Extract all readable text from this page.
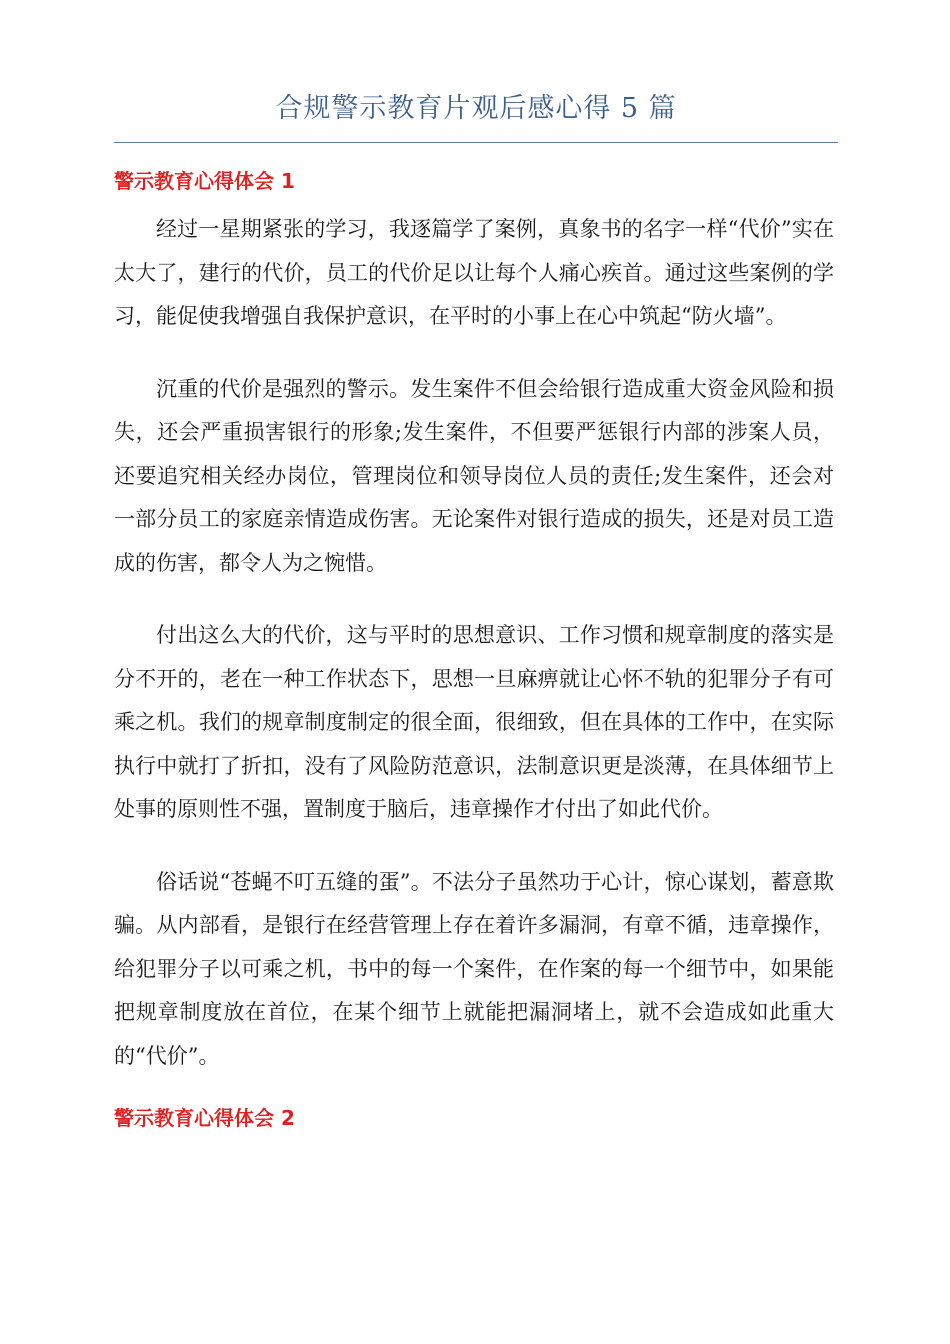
合规警示教育片观后感心得 5 篇
警示教育心得体会 1

经过一星期紧张的学习，我逐篇学了案例，真象书的名字一样“代价”实在太大了，建行的代价，员工的代价足以让每个人痛心疾首。通过这些案例的学习，能促使我增强自我保护意识，在平时的小事上在心中筑起“防火墙”。

沉重的代价是强烈的警示。发生案件不但会给银行造成重大资金风险和损失，还会严重损害银行的形象;发生案件，不但要严惩银行内部的涉案人员，还要追究相关经办岗位，管理岗位和领导岗位人员的责任;发生案件，还会对一部分员工的家庭亲情造成伤害。无论案件对银行造成的损失，还是对员工造成的伤害，都令人为之惋惜。

付出这么大的代价，这与平时的思想意识、工作习惯和规章制度的落实是分不开的，老在一种工作状态下，思想一旦麻痹就让心怀不轨的犯罪分子有可乘之机。我们的规章制度制定的很全面，很细致，但在具体的工作中，在实际执行中就打了折扣，没有了风险防范意识，法制意识更是淡薄，在具体细节上处事的原则性不强，置制度于脑后，违章操作才付出了如此代价。

俗话说“苍蝇不叮五缝的蛋”。不法分子虽然功于心计，惊心谋划，蓄意欺骗。从内部看，是银行在经营管理上存在着许多漏洞，有章不循，违章操作，给犯罪分子以可乘之机，书中的每一个案件，在作案的每一个细节中，如果能把规章制度放在首位，在某个细节上就能把漏洞堵上，就不会造成如此重大的“代价”。

警示教育心得体会 2
